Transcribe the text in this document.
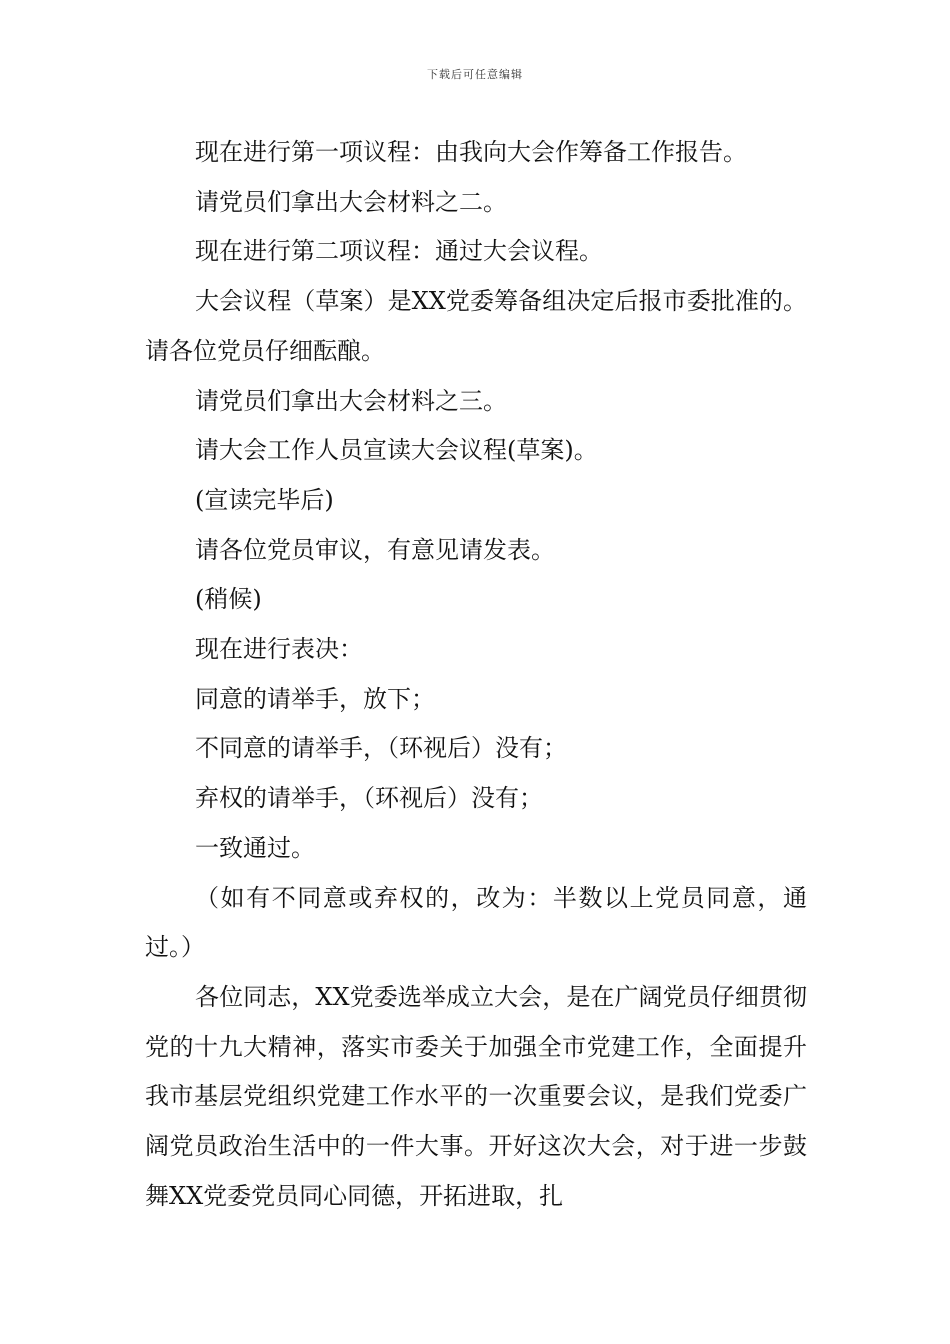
下载后可任意编辑

现在进行第一项议程：由我向大会作筹备工作报告。

请党员们拿出大会材料之二。

现在进行第二项议程：通过大会议程。

大会议程（草案）是XX党委筹备组决定后报市委批准的。请各位党员仔细酝酿。

请党员们拿出大会材料之三。

请大会工作人员宣读大会议程(草案)。

(宣读完毕后)

请各位党员审议，有意见请发表。

(稍候)

现在进行表决：

同意的请举手，放下；

不同意的请举手，（环视后）没有；

弃权的请举手，（环视后）没有；

一致通过。

（如有不同意或弃权的，改为：半数以上党员同意，通过。）

各位同志，XX党委选举成立大会，是在广阔党员仔细贯彻党的十九大精神，落实市委关于加强全市党建工作，全面提升我市基层党组织党建工作水平的一次重要会议，是我们党委广阔党员政治生活中的一件大事。开好这次大会，对于进一步鼓舞XX党委党员同心同德，开拓进取，扎
